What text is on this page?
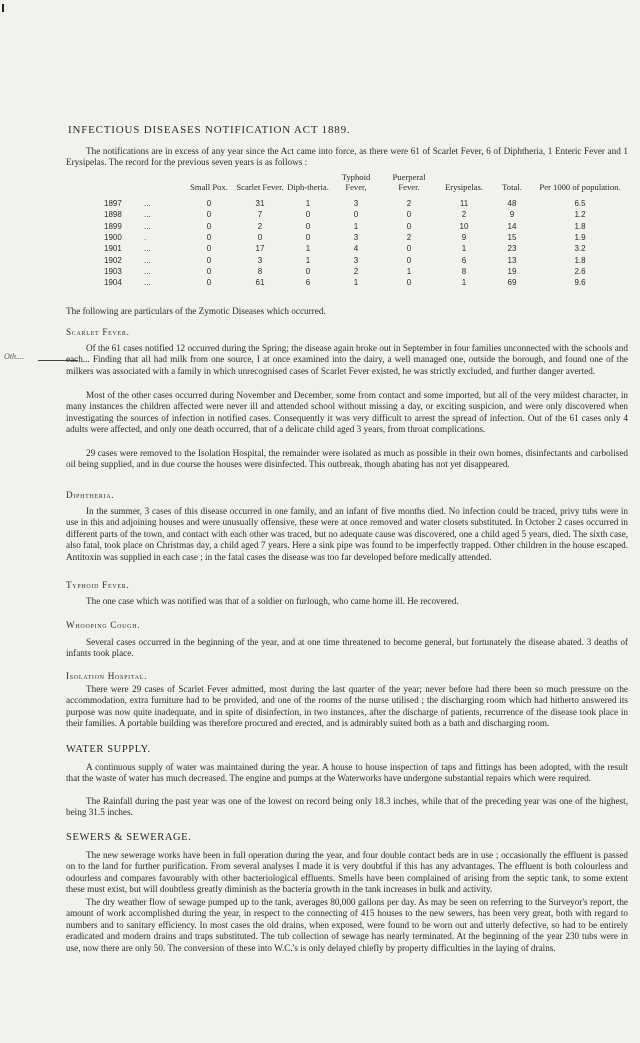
INFECTIOUS DISEASES NOTIFICATION ACT 1889.

The notifications are in excess of any year since the Act came into force, as there were 61 of Scarlet Fever, 6 of Diphtheria, 1 Enteric Fever and 1 Erysipelas. The record for the previous seven years is as follows :

		Small Pox.	Scarlet Fever.	Diph-theria.	Typhoid Fever,	Puerperal Fever.	Erysipelas.	Total.	Per 1000 of population.
1897	...	0	31	1	3	2	11	48	6.5
1898	...	0	7	0	0	0	2	9	1.2
1899	...	0	2	0	1	0	10	14	1.8
1900	.	0	0	0	3	2	9	15	1.9
1901	...	0	17	1	4	0	1	23	3.2
1902	...	0	3	1	3	0	6	13	1.8
1903	...	0	8	0	2	1	8	19	2.6
1904	...	0	61	6	1	0	1	69	9.6

The following are particulars of the Zymotic Diseases which occurred.

Scarlet Fever.
Oth....

Of the 61 cases notified 12 occurred during the Spring; the disease again broke out in September in four families unconnected with the schools and each... Finding that all had milk from one source, I at once examined into the dairy, a well managed one, outside the borough, and found one of the milkers was associated with a family in which unrecognised cases of Scarlet Fever existed, he was strictly excluded, and further danger averted.

Most of the other cases occurred during November and December, some from contact and some imported, but all of the very mildest character, in many instances the children affected were never ill and attended school without missing a day, or exciting suspicion, and were only discovered when investigating the sources of infection in notified cases. Consequently it was very difficult to arrest the spread of infection. Out of the 61 cases only 4 adults were affected, and only one death occurred, that of a delicate child aged 3 years, from throat complications.

29 cases were removed to the Isolation Hospital, the remainder were isolated as much as possible in their own homes, disinfectants and carbolised oil being supplied, and in due course the houses were disinfected. This outbreak, though abating has not yet disappeared.

Diphtheria.

In the summer, 3 cases of this disease occurred in one family, and an infant of five months died. No infection could be traced, privy tubs were in use in this and adjoining houses and were unusually offensive, these were at once removed and water closets substituted. In October 2 cases occurred in different parts of the town, and contact with each other was traced, but no adequate cause was discovered, one a child aged 5 years, died. The sixth case, also fatal, took place on Christmas day, a child aged 7 years. Here a sink pipe was found to be imperfectly trapped. Other children in the house escaped. Antitoxin was supplied in each case ; in the fatal cases the disease was too far developed before medically attended.

Typhoid Fever.

The one case which was notified was that of a soldier on furlough, who came home ill. He recovered.

Whooping Cough.

Several cases occurred in the beginning of the year, and at one time threatened to become general, but fortunately the disease abated. 3 deaths of infants took place.

Isolation Hospital.

There were 29 cases of Scarlet Fever admitted, most during the last quarter of the year; never before had there been so much pressure on the accommodation, extra furniture had to be provided, and one of the rooms of the nurse utilised ; the discharging room which had hitherto answered its purpose was now quite inadequate, and in spite of disinfection, in two instances, after the discharge of patients, recurrence of the disease took place in their families. A portable building was therefore procured and erected, and is admirably suited both as a bath and discharging room.

WATER SUPPLY.

A continuous supply of water was maintained during the year. A house to house inspection of taps and fittings has been adopted, with the result that the waste of water has much decreased. The engine and pumps at the Waterworks have undergone substantial repairs which were required.

The Rainfall during the past year was one of the lowest on record being only 18.3 inches, while that of the preceding year was one of the highest, being 31.5 inches.

SEWERS & SEWERAGE.

The new sewerage works have been in full operation during the year, and four double contact beds are in use ; occasionally the effluent is passed on to the land for further purification. From several analyses I made it is very doubtful if this has any advantages. The effluent is both colourless and odourless and compares favourably with other bacteriological effluents. Smells have been complained of arising from the septic tank, to some extent these must exist, but will doubtless greatly diminish as the bacteria growth in the tank increases in bulk and activity.

The dry weather flow of sewage pumped up to the tank, averages 80,000 gallons per day. As may be seen on referring to the Surveyor's report, the amount of work accomplished during the year, in respect to the connecting of 415 houses to the new sewers, has been very great, both with regard to numbers and to sanitary efficiency. In most cases the old drains, when exposed, were found to be worn out and utterly defective, so had to be entirely eradicated and modern drains and traps substituted. The tub collection of sewage has nearly terminated. At the beginning of the year 230 tubs were in use, now there are only 50. The conversion of these into W.C.'s is only delayed chiefly by property difficulties in the laying of drains.
